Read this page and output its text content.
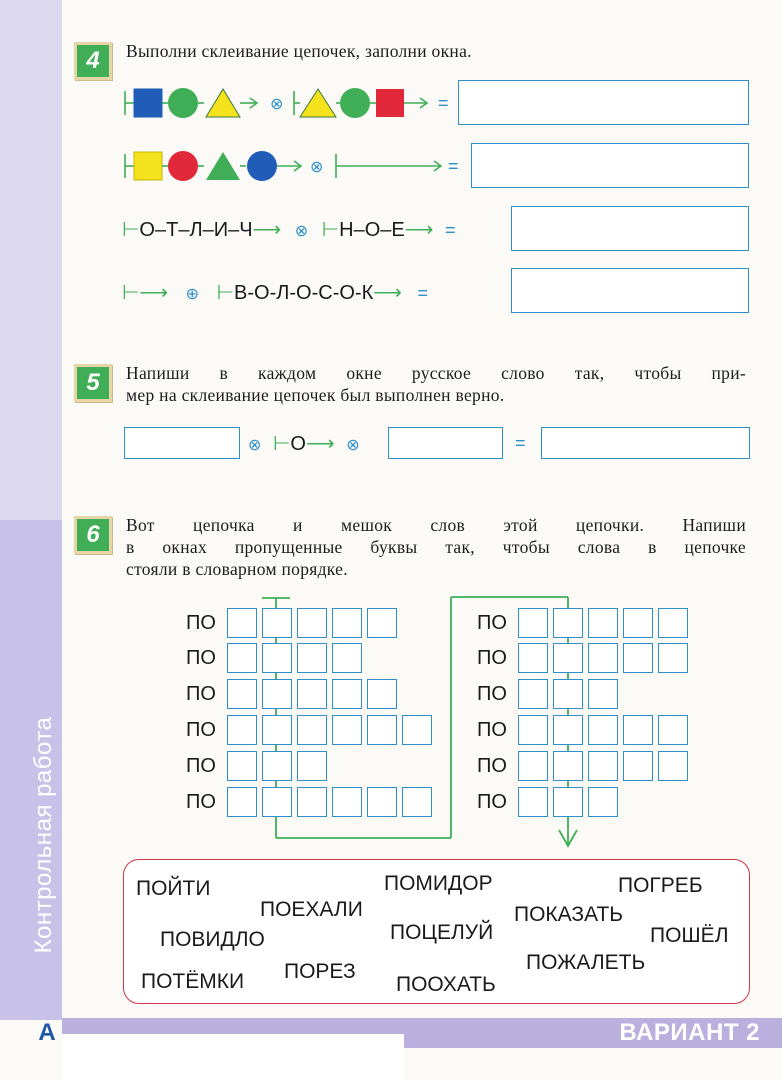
Контрольная работа
А	ВАРИАНТ 2
4	Выполни склеивание цепочек, заполни окна.
⊗	=
⊗	=
⊢О–Т–Л–И–Ч⟶ ⊗ ⊢Н–О–Е⟶ =
⊢⟶ ⊕ ⊢В-О-Л-О-С-О-К⟶ =
5	Напиши в каждом окне русское слово так, чтобы при-
мер на склеивание цепочек был выполнен верно.
⊗ ⊢О⟶ ⊗	=
6	Вот цепочка и мешок слов этой цепочки. Напиши
в окнах пропущенные буквы так, чтобы слова в цепочке
стояли в словарном порядке.
ПО
ПО
ПО
ПО
ПО
ПО
ПО
ПО
ПО
ПО
ПО
ПО
ПОЙТИ	ПОМИДОР	ПОГРЕБ
ПОЕХАЛИ	ПОКАЗАТЬ
ПОВИДЛО	ПОЦЕЛУЙ	ПОШЁЛ
ПОЖАЛЕТЬ
ПОТЁМКИ ПОРЕЗ
ПООХАТЬ
